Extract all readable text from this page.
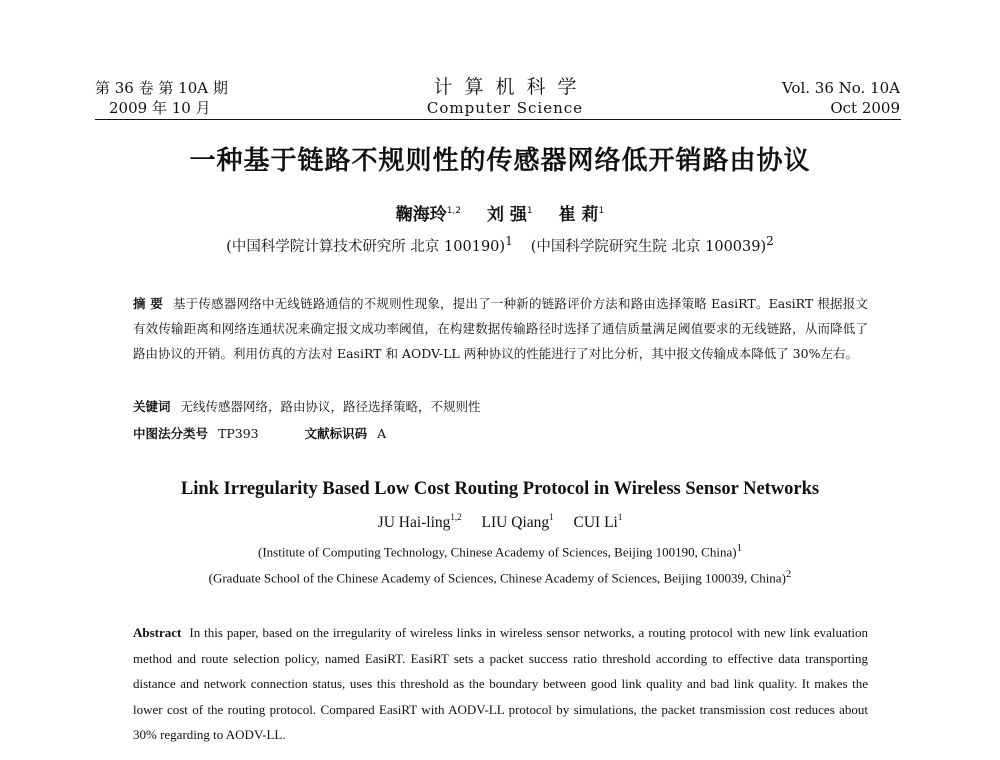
第 36 卷 第 10A 期
2009 年 10 月
计算机科学
Computer Science
Vol. 36 No. 10A
Oct 2009
一种基于链路不规则性的传感器网络低开销路由协议
鞠海玲$^{1,2}$ 刘 强$^1$ 崔 莉$^1$
(中国科学院计算技术研究所 北京 100190)$^1$ (中国科学院研究生院 北京 100039)$^2$
摘 要 基于传感器网络中无线链路通信的不规则性现象，提出了一种新的链路评价方法和路由选择策略 EasiRT。EasiRT 根据报文有效传输距离和网络连通状况来确定报文成功率阈值，在构建数据传输路径时选择了通信质量满足阈值要求的无线链路，从而降低了路由协议的开销。利用仿真的方法对 EasiRT 和 AODV-LL 两种协议的性能进行了对比分析，其中报文传输成本降低了 30%左右。
关键词 无线传感器网络，路由协议，路径选择策略，不规则性
中图法分类号 TP393	文献标识码 A
Link Irregularity Based Low Cost Routing Protocol in Wireless Sensor Networks
JU Hai-ling$^{1,2}$ LIU Qiang$^1$ CUI Li$^1$
(Institute of Computing Technology, Chinese Academy of Sciences, Beijing 100190, China)$^1$
(Graduate School of the Chinese Academy of Sciences, Chinese Academy of Sciences, Beijing 100039, China)$^2$
Abstract In this paper, based on the irregularity of wireless links in wireless sensor networks, a routing protocol with new link evaluation method and route selection policy, named EasiRT. EasiRT sets a packet success ratio threshold according to effective data transporting distance and network connection status, uses this threshold as the boundary between good link quality and bad link quality. It makes the lower cost of the routing protocol. Compared EasiRT with AODV-LL protocol by simulations, the packet transmission cost reduces about 30% regarding to AODV-LL.
